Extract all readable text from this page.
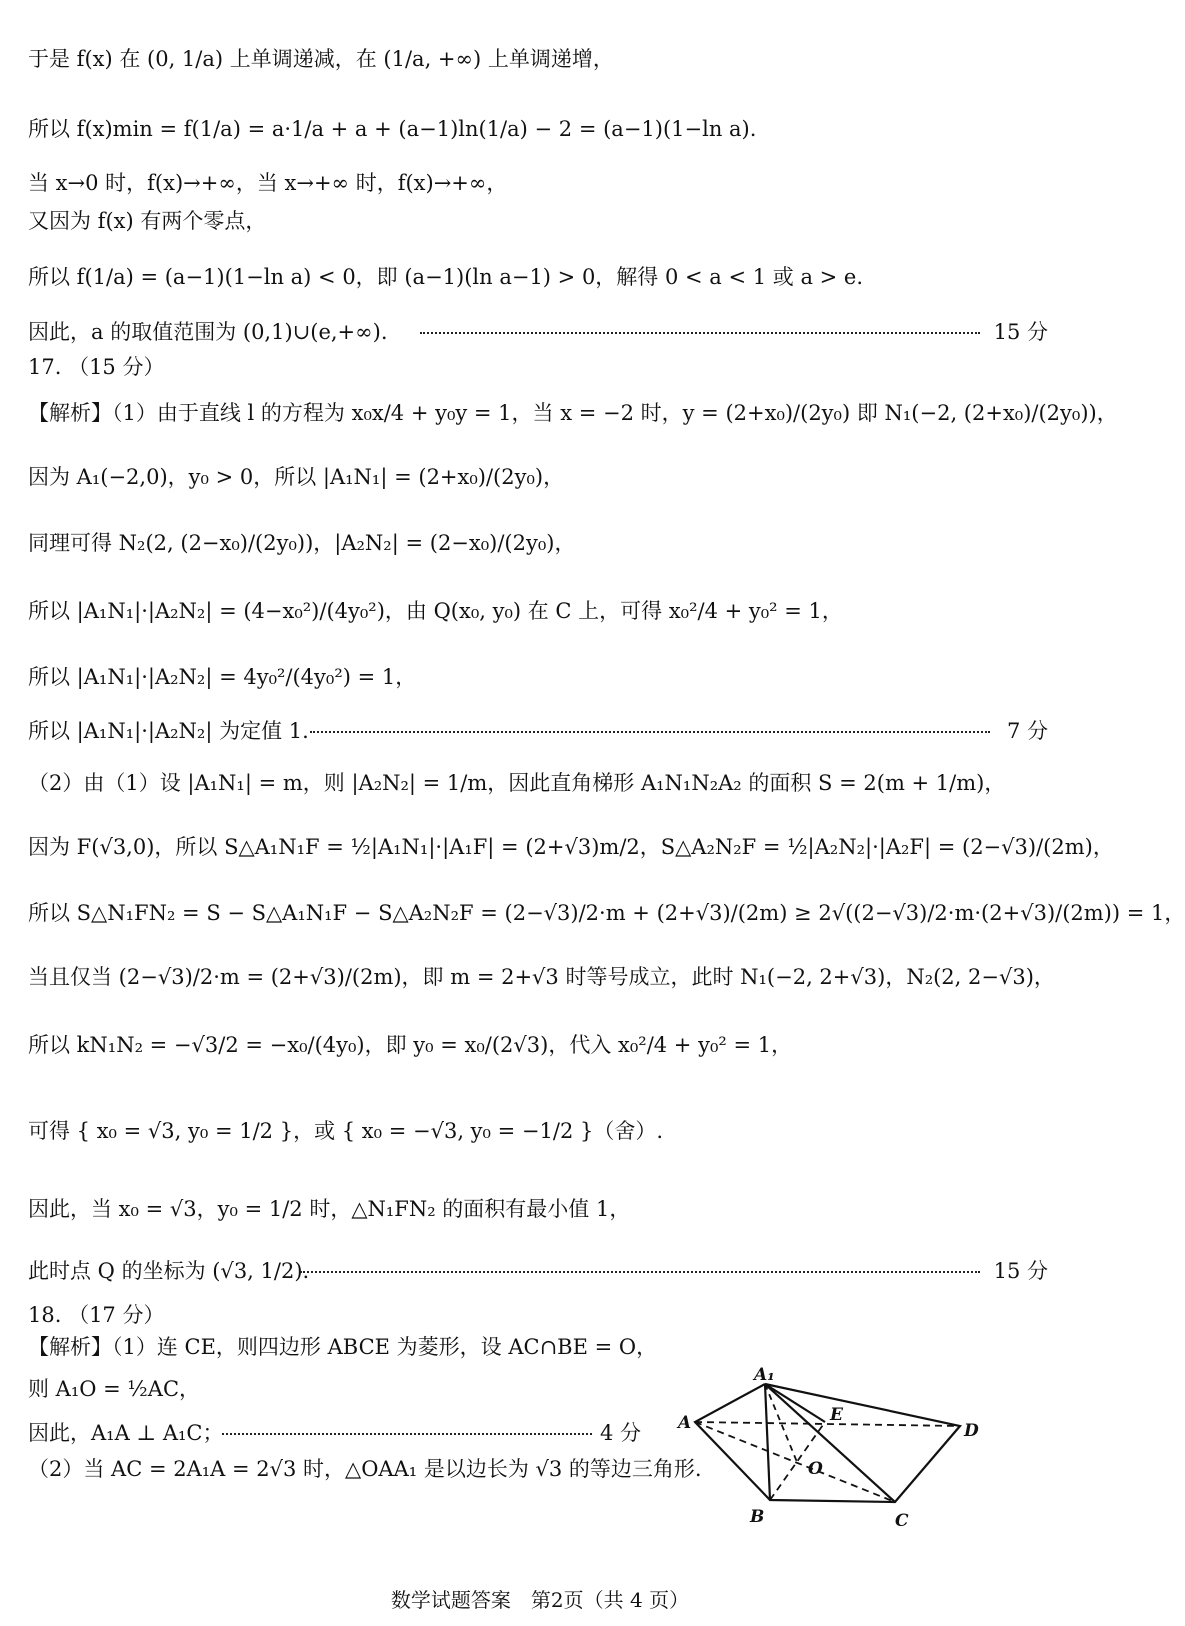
于是 f(x) 在 (0, 1/a) 上单调递减，在 (1/a, +∞) 上单调递增，
所以 f(x)min = f(1/a) = a·1/a + a + (a−1)ln(1/a) − 2 = (a−1)(1−ln a).
当 x→0 时，f(x)→+∞，当 x→+∞ 时，f(x)→+∞，
又因为 f(x) 有两个零点，
所以 f(1/a) = (a−1)(1−ln a) < 0，即 (a−1)(ln a−1) > 0，解得 0 < a < 1 或 a > e.
因此，a 的取值范围为 (0,1)∪(e,+∞).	15 分
17. （15 分）
【解析】（1）由于直线 l 的方程为 x₀x/4 + y₀y = 1，当 x = −2 时，y = (2+x₀)/(2y₀) 即 N₁(−2, (2+x₀)/(2y₀))，
因为 A₁(−2,0)，y₀ > 0，所以 |A₁N₁| = (2+x₀)/(2y₀)，
同理可得 N₂(2, (2−x₀)/(2y₀))，|A₂N₂| = (2−x₀)/(2y₀)，
所以 |A₁N₁|·|A₂N₂| = (4−x₀²)/(4y₀²)，由 Q(x₀, y₀) 在 C 上，可得 x₀²/4 + y₀² = 1，
所以 |A₁N₁|·|A₂N₂| = 4y₀²/(4y₀²) = 1，
所以 |A₁N₁|·|A₂N₂| 为定值 1.	7 分
（2）由（1）设 |A₁N₁| = m，则 |A₂N₂| = 1/m，因此直角梯形 A₁N₁N₂A₂ 的面积 S = 2(m + 1/m)，
因为 F(√3,0)，所以 S△A₁N₁F = ½|A₁N₁|·|A₁F| = (2+√3)m/2，S△A₂N₂F = ½|A₂N₂|·|A₂F| = (2−√3)/(2m)，
所以 S△N₁FN₂ = S − S△A₁N₁F − S△A₂N₂F = (2−√3)/2·m + (2+√3)/(2m) ≥ 2√((2−√3)/2·m·(2+√3)/(2m)) = 1，
当且仅当 (2−√3)/2·m = (2+√3)/(2m)，即 m = 2+√3 时等号成立，此时 N₁(−2, 2+√3)，N₂(2, 2−√3)，
所以 kN₁N₂ = −√3/2 = −x₀/(4y₀)，即 y₀ = x₀/(2√3)，代入 x₀²/4 + y₀² = 1，
可得 { x₀ = √3, y₀ = 1/2 }，或 { x₀ = −√3, y₀ = −1/2 }（舍）.
因此，当 x₀ = √3，y₀ = 1/2 时，△N₁FN₂ 的面积有最小值 1，
此时点 Q 的坐标为 (√3, 1/2).	15 分
18. （17 分）
【解析】（1）连 CE，则四边形 ABCE 为菱形，设 AC∩BE = O，
则 A₁O = ½AC，
因此，A₁A ⊥ A₁C；	4 分
（2）当 AC = 2A₁A = 2√3 时，△OAA₁ 是以边长为 √3 的等边三角形.
A₁
A
B	C
D
E
O
数学试题答案　第2页（共 4 页）
